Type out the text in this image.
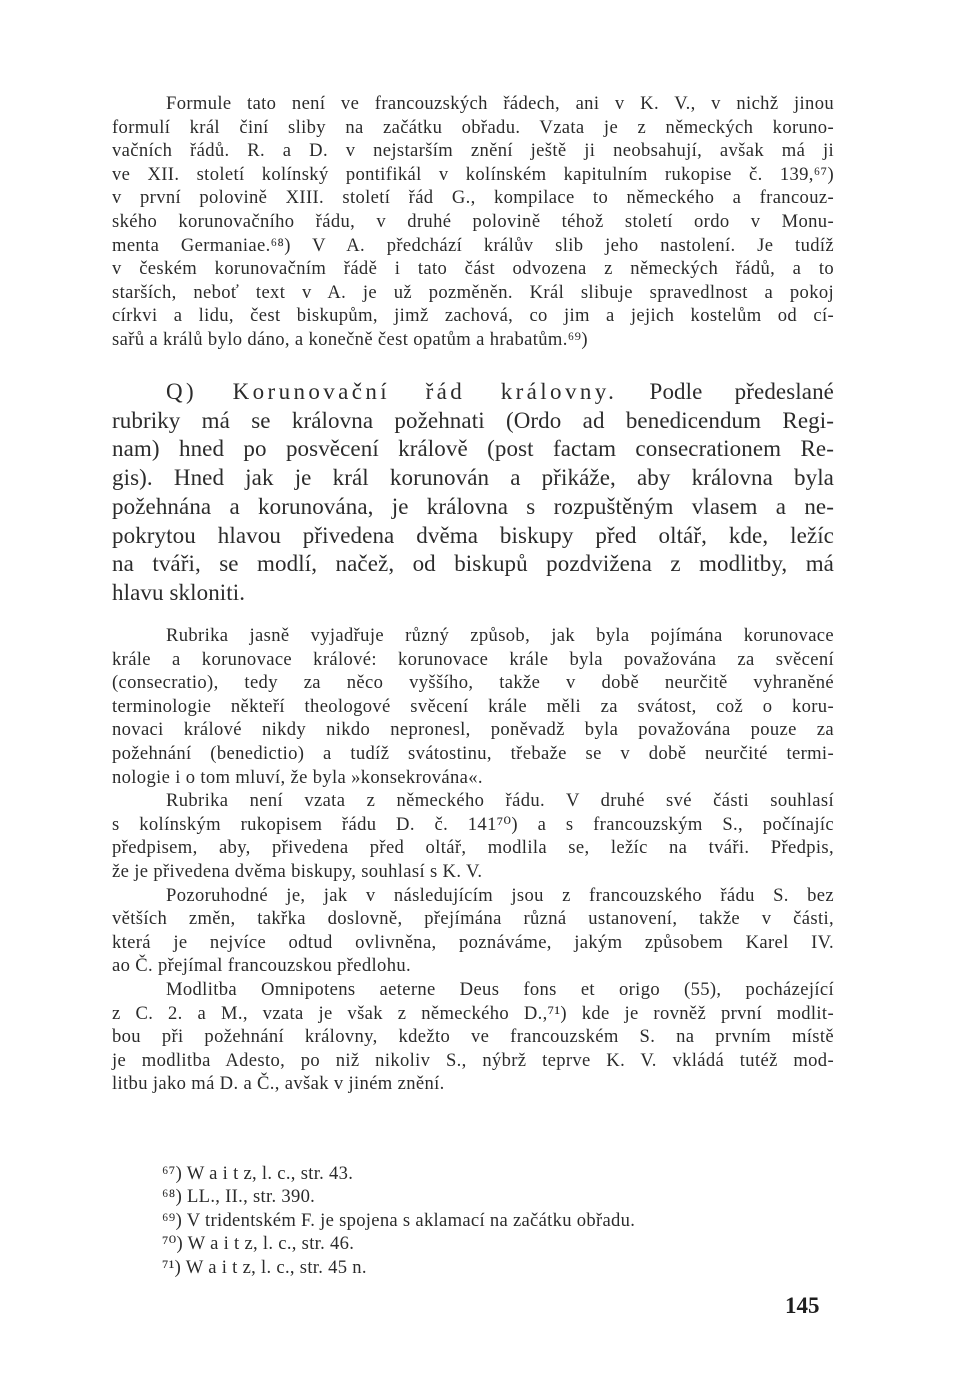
Formule tato není ve francouzských řádech, ani v K. V., v nichž jinou
formulí král činí sliby na začátku obřadu. Vzata je z německých koruno-
vačních řádů. R. a D. v nejstarším znění ještě ji neobsahují, avšak má ji
ve XII. století kolínský pontifikál v kolínském kapitulním rukopise č. 139,⁶⁷)
v první polovině XIII. století řád G., kompilace to německého a francouz-
ského korunovačního řádu, v druhé polovině téhož století ordo v Monu-
menta Germaniae.⁶⁸) V A. předchází králův slib jeho nastolení. Je tudíž
v českém korunovačním řádě i tato část odvozena z německých řádů, a to
starších, neboť text v A. je už pozměněn. Král slibuje spravedlnost a pokoj
církvi a lidu, čest biskupům, jimž zachová, co jim a jejich kostelům od cí-
sařů a králů bylo dáno, a konečně čest opatům a hrabatům.⁶⁹)
Q) Korunovační řád královny. Podle předeslané
rubriky má se královna požehnati (Ordo ad benedicendum Regi-
nam) hned po posvěcení králově (post factam consecrationem Re-
gis). Hned jak je král korunován a přikáže, aby královna byla
požehnána a korunována, je královna s rozpuštěným vlasem a ne-
pokrytou hlavou přivedena dvěma biskupy před oltář, kde, ležíc
na tváři, se modlí, načež, od biskupů pozdvižena z modlitby, má
hlavu skloniti.
Rubrika jasně vyjadřuje různý způsob, jak byla pojímána korunovace
krále a korunovace králové: korunovace krále byla považována za svěcení
(consecratio), tedy za něco vyššího, takže v době neurčitě vyhraněné
terminologie někteří theologové svěcení krále měli za svátost, což o koru-
novaci králové nikdy nikdo nepronesl, poněvadž byla považována pouze za
požehnání (benedictio) a tudíž svátostinu, třebaže se v době neurčité termi-
nologie i o tom mluví, že byla »konsekrována«.
Rubrika není vzata z německého řádu. V druhé své části souhlasí
s kolínským rukopisem řádu D. č. 141⁷⁰) a s francouzským S., počínajíc
předpisem, aby, přivedena před oltář, modlila se, ležíc na tváři. Předpis,
že je přivedena dvěma biskupy, souhlasí s K. V.
Pozoruhodné je, jak v následujícím jsou z francouzského řádu S. bez
větších změn, takřka doslovně, přejímána různá ustanovení, takže v části,
která je nejvíce odtud ovlivněna, poznáváme, jakým způsobem Karel IV.
ao Č. přejímal francouzskou předlohu.
Modlitba Omnipotens aeterne Deus fons et origo (55), pocházející
z C. 2. a M., vzata je však z německého D.,⁷¹) kde je rovněž první modlit-
bou při požehnání královny, kdežto ve francouzském S. na prvním místě
je modlitba Adesto, po niž nikoliv S., nýbrž teprve K. V. vkládá tutéž mod-
litbu jako má D. a Č., avšak v jiném znění.
⁶⁷) W a i t z, l. c., str. 43.
⁶⁸) LL., II., str. 390.
⁶⁹) V tridentském F. je spojena s aklamací na začátku obřadu.
⁷⁰) W a i t z, l. c., str. 46.
⁷¹) W a i t z, l. c., str. 45 n.
145
